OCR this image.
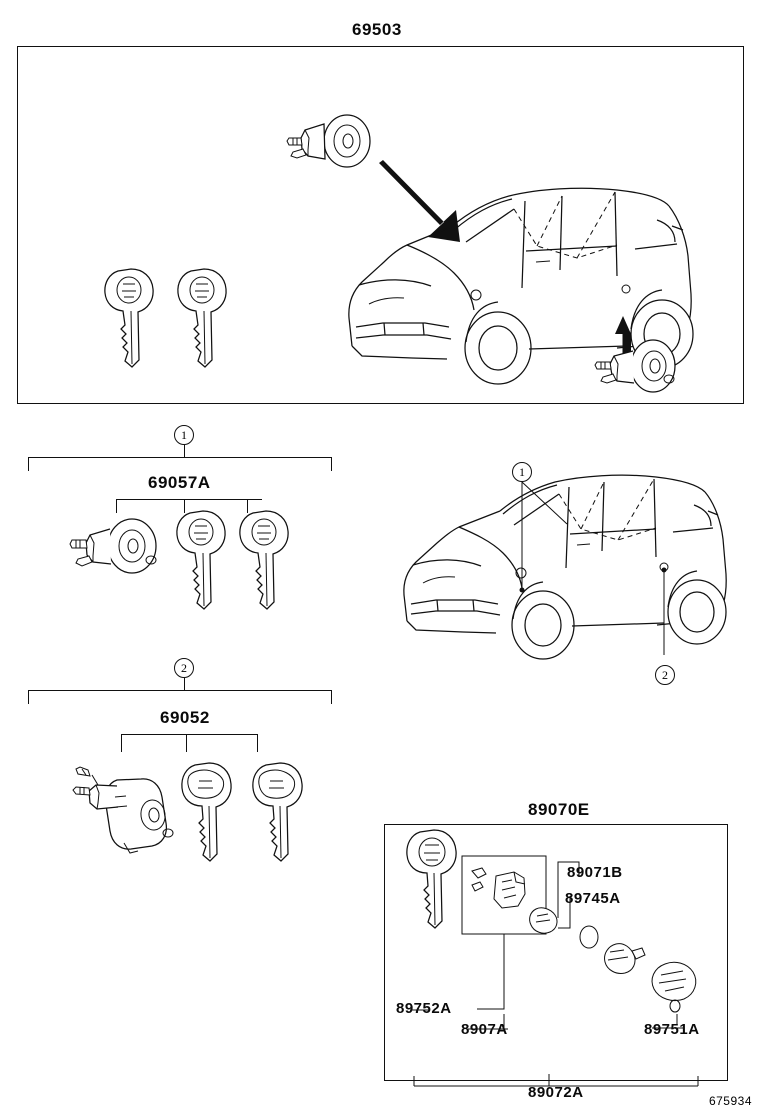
69503
1
69057A
2
69052
1
2
89070E
89071B
89745A
89752A
8907A	89751A
89072A	675934
